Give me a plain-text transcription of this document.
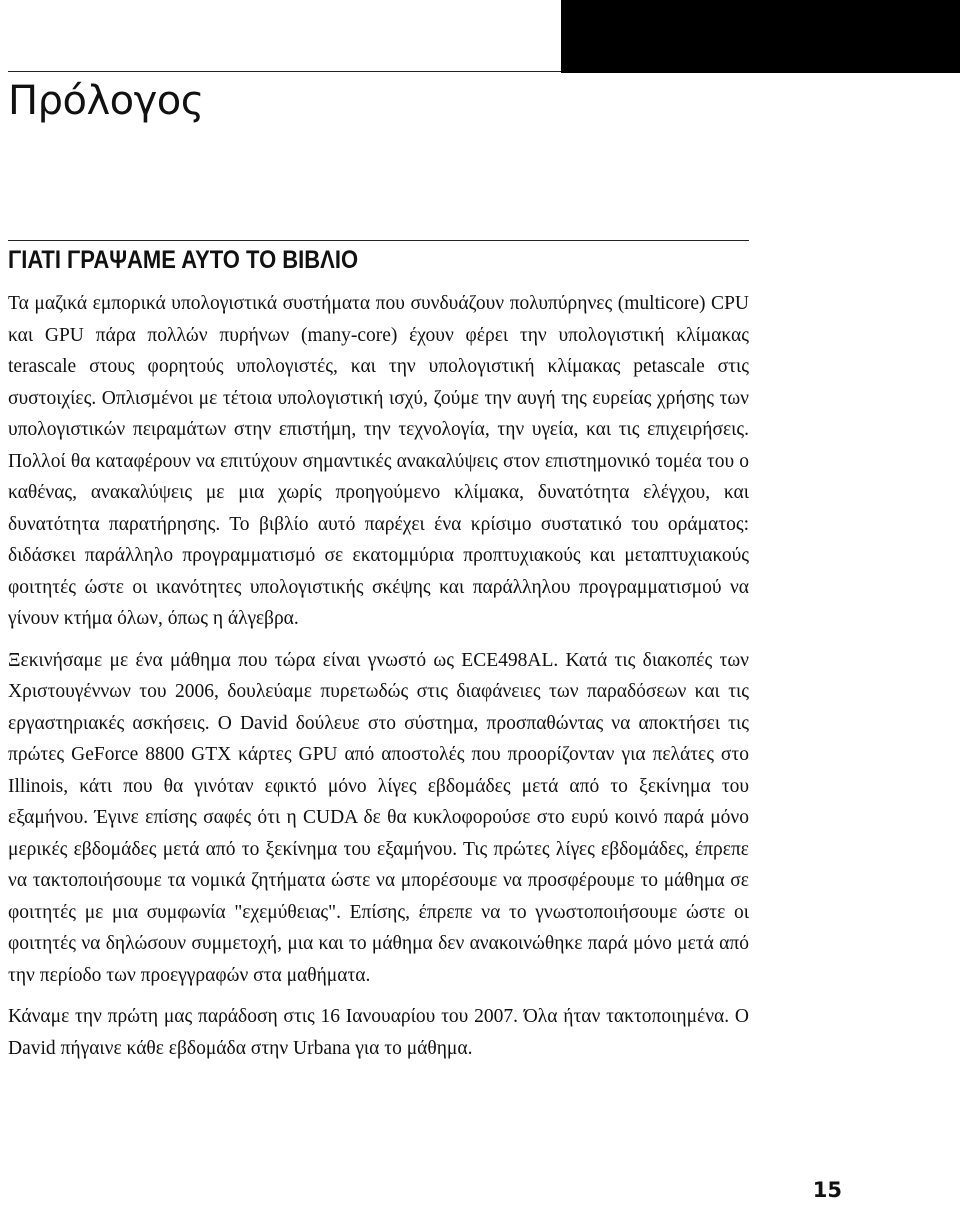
Πρόλογος
ΓΙΑΤΙ ΓΡΑΨΑΜΕ ΑΥΤΟ ΤΟ ΒΙΒΛΙΟ

Τα μαζικά εμπορικά υπολογιστικά συστήματα που συνδυάζουν πολυπύρηνες (multicore) CPU και GPU πάρα πολλών πυρήνων (many-core) έχουν φέρει την υπολογιστική κλίμακας terascale στους φορητούς υπολογιστές, και την υπολογιστική κλίμακας petascale στις συστοιχίες. Οπλισμένοι με τέτοια υπολογιστική ισχύ, ζούμε την αυγή της ευρείας χρήσης των υπολογιστικών πειραμάτων στην επιστήμη, την τεχνολογία, την υγεία, και τις επιχειρήσεις. Πολλοί θα καταφέρουν να επιτύχουν σημαντικές ανακαλύψεις στον επιστημονικό τομέα του ο καθένας, ανακαλύψεις με μια χωρίς προηγούμενο κλίμακα, δυνατότητα ελέγχου, και δυνατότητα παρατήρησης. Το βιβλίο αυτό παρέχει ένα κρίσιμο συστατικό του οράματος: διδάσκει παράλληλο προγραμματισμό σε εκατομμύρια προπτυχιακούς και μεταπτυχιακούς φοιτητές ώστε οι ικανότητες υπολογιστικής σκέψης και παράλληλου προγραμματισμού να γίνουν κτήμα όλων, όπως η άλγεβρα.

Ξεκινήσαμε με ένα μάθημα που τώρα είναι γνωστό ως ECE498AL. Κατά τις διακοπές των Χριστουγέννων του 2006, δουλεύαμε πυρετωδώς στις διαφάνειες των παραδόσεων και τις εργαστηριακές ασκήσεις. Ο David δούλευε στο σύστημα, προσπαθώντας να αποκτήσει τις πρώτες GeForce 8800 GTX κάρτες GPU από αποστολές που προορίζονταν για πελάτες στο Illinois, κάτι που θα γινόταν εφικτό μόνο λίγες εβδομάδες μετά από το ξεκίνημα του εξαμήνου. Έγινε επίσης σαφές ότι η CUDA δε θα κυκλοφορούσε στο ευρύ κοινό παρά μόνο μερικές εβδομάδες μετά από το ξεκίνημα του εξαμήνου. Τις πρώτες λίγες εβδομάδες, έπρεπε να τακτοποιήσουμε τα νομικά ζητήματα ώστε να μπορέσουμε να προσφέρουμε το μάθημα σε φοιτητές με μια συμφωνία "εχεμύθειας". Επίσης, έπρεπε να το γνωστοποιήσουμε ώστε οι φοιτητές να δηλώσουν συμμετοχή, μια και το μάθημα δεν ανακοινώθηκε παρά μόνο μετά από την περίοδο των προεγγραφών στα μαθήματα.

Κάναμε την πρώτη μας παράδοση στις 16 Ιανουαρίου του 2007. Όλα ήταν τακτοποιημένα. Ο David πήγαινε κάθε εβδομάδα στην Urbana για το μάθημα.

15
